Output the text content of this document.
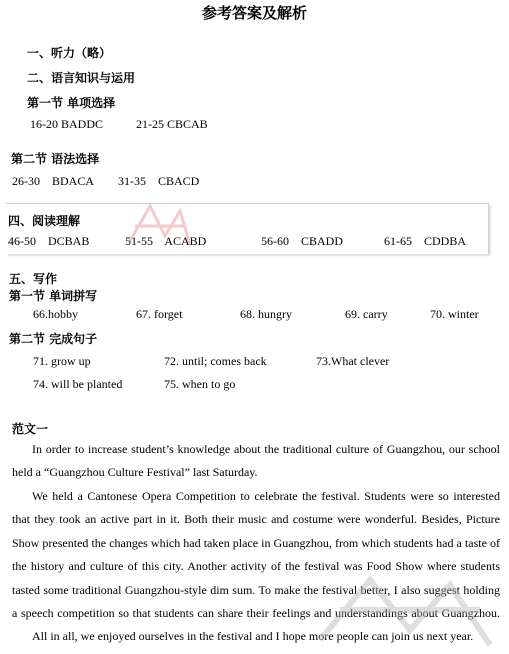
参考答案及解析
一、听力（略）
二、语言知识与运用
第一节 单项选择
16-20 BADDC	21-25 CBCAB
第二节 语法选择
26-30    BDACA 31-35    CBACD
四、阅读理解
46-50    DCBAB	51-55    ACABD	56-60    CBADD	61-65    CDDBA
五、写作
第一节 单词拼写
66.hobby	67. forget	68. hungry	69. carry	70. winter
第二节 完成句子
71. grow up	72. until; comes back	73.What clever
74. will be planted	75. when to go
范文一
In order to increase student’s knowledge about the traditional culture of Guangzhou, our school
held a “Guangzhou Culture Festival” last Saturday.
We held a Cantonese Opera Competition to celebrate the festival. Students were so interested
that they took an active part in it. Both their music and costume were wonderful. Besides, Picture
Show presented the changes which had taken place in Guangzhou, from which students had a taste of
the history and culture of this city. Another activity of the festival was Food Show where students
tasted some traditional Guangzhou-style dim sum. To make the festival better, I also suggest holding
a speech competition so that students can share their feelings and understandings about Guangzhou.
All in all, we enjoyed ourselves in the festival and I hope more people can join us next year.
